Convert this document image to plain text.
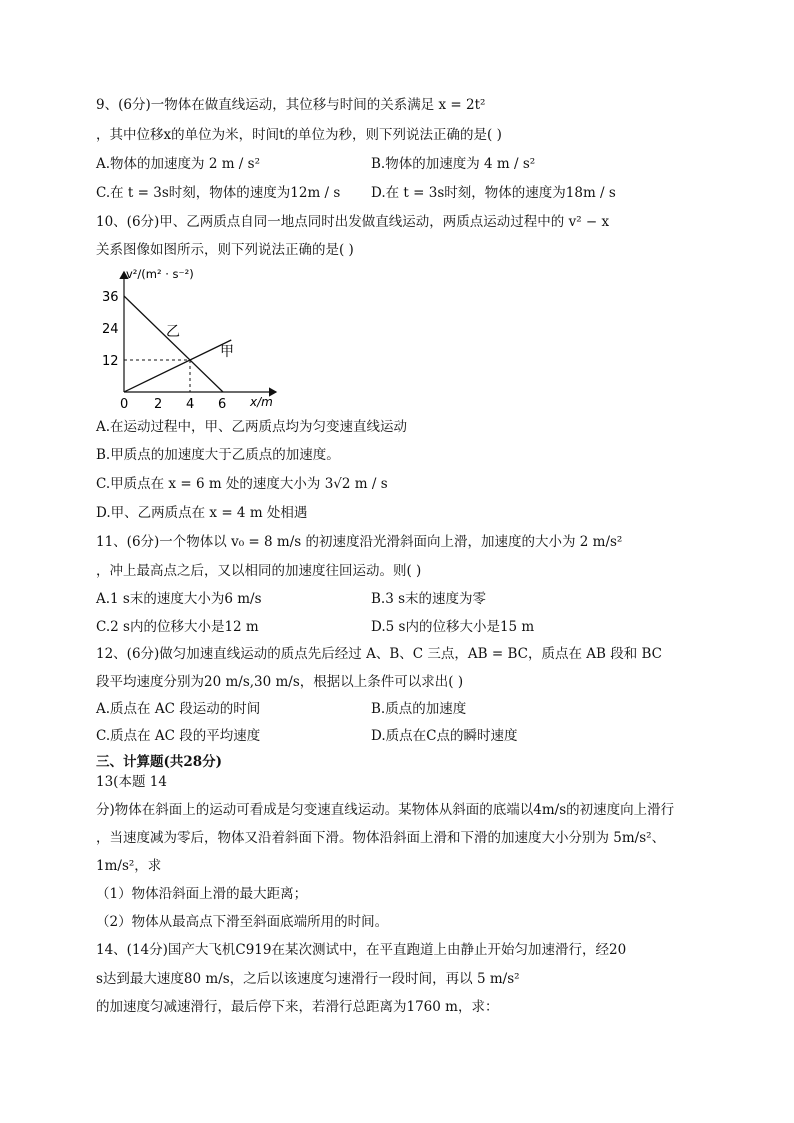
9、(6分)一物体在做直线运动，其位移与时间的关系满足 x = 2t²
，其中位移x的单位为米，时间t的单位为秒，则下列说法正确的是( )
A.物体的加速度为 2 m / s²	B.物体的加速度为 4 m / s²
C.在 t = 3s时刻，物体的速度为12m / s D.在 t = 3s时刻，物体的速度为18m / s
10、(6分)甲、乙两质点自同一地点同时出发做直线运动，两质点运动过程中的 v² − x
关系图像如图所示，则下列说法正确的是( )
v²/(m² · s⁻²)
x/m
36
24
12
0 2 4 6
乙
甲
A.在运动过程中，甲、乙两质点均为匀变速直线运动
B.甲质点的加速度大于乙质点的加速度。
C.甲质点在 x = 6 m 处的速度大小为 3√2 m / s
D.甲、乙两质点在 x = 4 m 处相遇
11、(6分)一个物体以 v₀ = 8 m/s 的初速度沿光滑斜面向上滑，加速度的大小为 2 m/s²
，冲上最高点之后，又以相同的加速度往回运动。则( )
A.1 s末的速度大小为6 m/s	B.3 s末的速度为零
C.2 s内的位移大小是12 m	D.5 s内的位移大小是15 m
12、(6分)做匀加速直线运动的质点先后经过 A、B、C 三点，AB = BC，质点在 AB 段和 BC
段平均速度分别为20 m/s,30 m/s，根据以上条件可以求出( )
A.质点在 AC 段运动的时间	B.质点的加速度
C.质点在 AC 段的平均速度	D.质点在C点的瞬时速度
三、计算题(共28分)
13(本题 14
分)物体在斜面上的运动可看成是匀变速直线运动。某物体从斜面的底端以4m/s的初速度向上滑行
，当速度减为零后，物体又沿着斜面下滑。物体沿斜面上滑和下滑的加速度大小分别为 5m/s²、
1m/s²，求
（1）物体沿斜面上滑的最大距离；
（2）物体从最高点下滑至斜面底端所用的时间。
14、(14分)国产大飞机C919在某次测试中，在平直跑道上由静止开始匀加速滑行，经20
s达到最大速度80 m/s，之后以该速度匀速滑行一段时间，再以 5 m/s²
的加速度匀减速滑行，最后停下来，若滑行总距离为1760 m，求：
